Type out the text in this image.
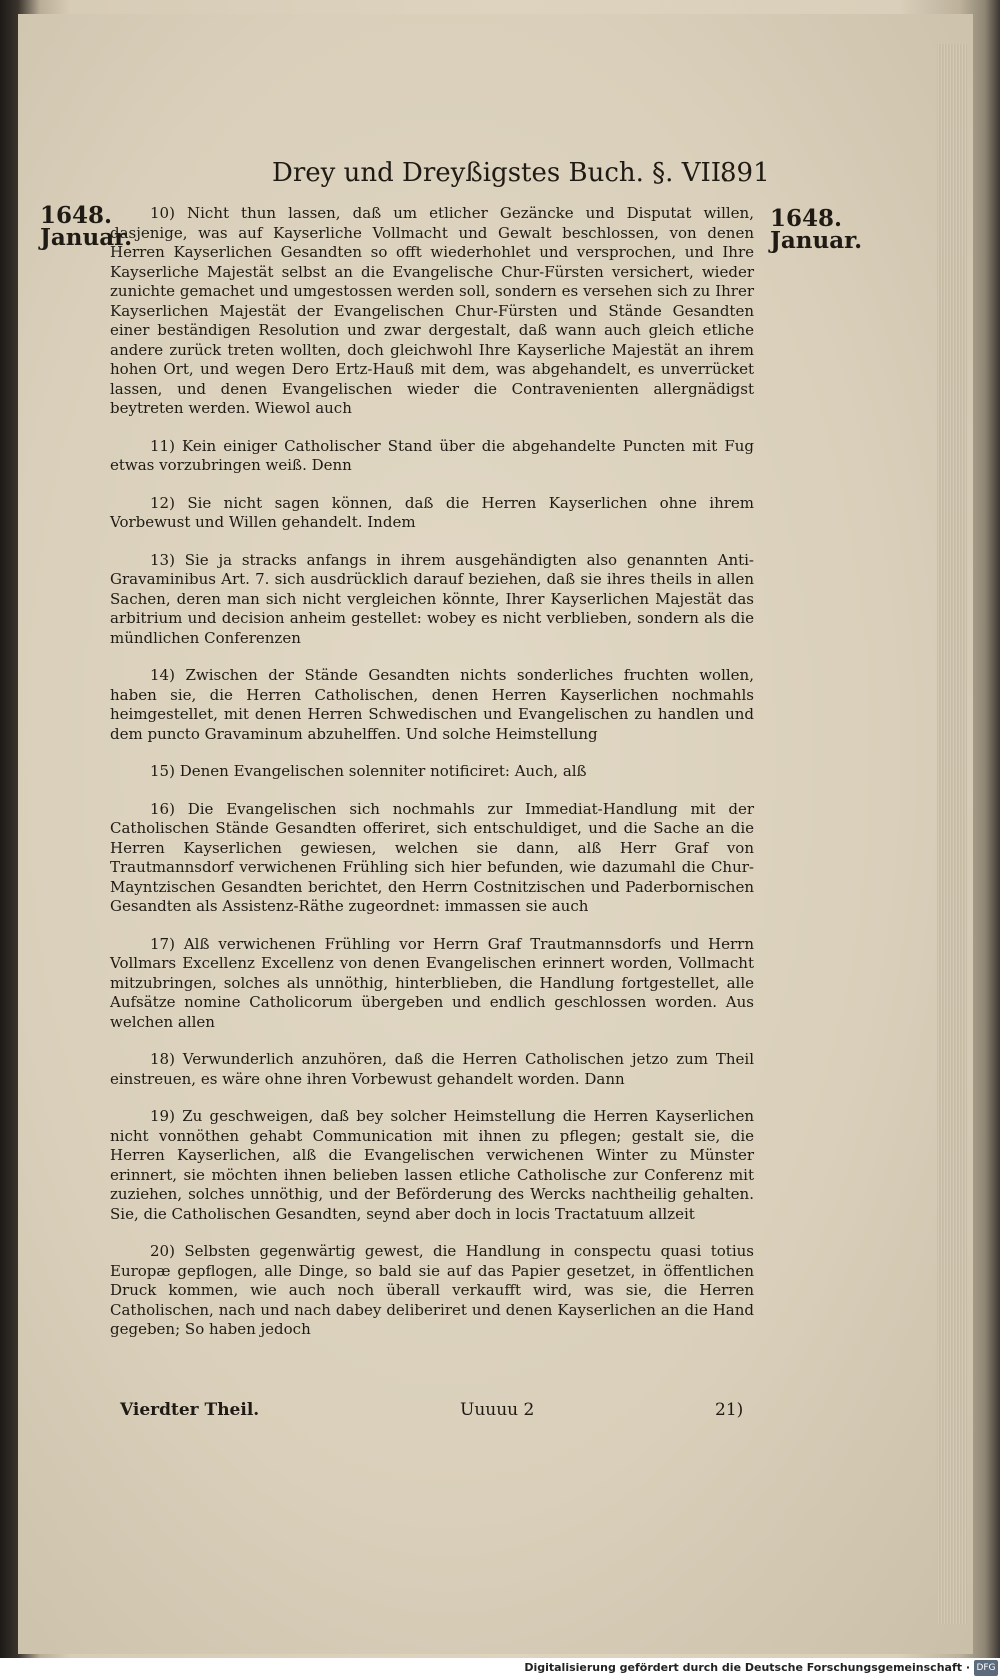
Drey und Dreyßigstes Buch. §. VII.
891
1648.
Januar.
1648.
Januar.

10) Nicht thun lassen, daß um etlicher Gezäncke und Disputat willen, dasjenige, was auf Kayserliche Vollmacht und Gewalt beschlossen, von denen Herren Kayserlichen Gesandten so offt wiederhohlet und versprochen, und Ihre Kayserliche Majestät selbst an die Evangelische Chur-Fürsten versichert, wieder zunichte gemachet und umgestossen werden soll, sondern es versehen sich zu Ihrer Kayserlichen Majestät der Evangelischen Chur-Fürsten und Stände Gesandten einer beständigen Resolution und zwar dergestalt, daß wann auch gleich etliche andere zurück treten wollten, doch gleichwohl Ihre Kayserliche Majestät an ihrem hohen Ort, und wegen Dero Ertz-Hauß mit dem, was abgehandelt, es unverrücket lassen, und denen Evangelischen wieder die Contravenienten allergnädigst beytreten werden. Wiewol auch

11) Kein einiger Catholischer Stand über die abgehandelte Puncten mit Fug etwas vorzubringen weiß. Denn

12) Sie nicht sagen können, daß die Herren Kayserlichen ohne ihrem Vorbewust und Willen gehandelt. Indem

13) Sie ja stracks anfangs in ihrem ausgehändigten also genannten Anti-Gravaminibus Art. 7. sich ausdrücklich darauf beziehen, daß sie ihres theils in allen Sachen, deren man sich nicht vergleichen könnte, Ihrer Kayserlichen Majestät das arbitrium und decision anheim gestellet: wobey es nicht verblieben, sondern als die mündlichen Conferenzen

14) Zwischen der Stände Gesandten nichts sonderliches fruchten wollen, haben sie, die Herren Catholischen, denen Herren Kayserlichen nochmahls heimgestellet, mit denen Herren Schwedischen und Evangelischen zu handlen und dem puncto Gravaminum abzuhelffen. Und solche Heimstellung

15) Denen Evangelischen solenniter notificiret: Auch, alß

16) Die Evangelischen sich nochmahls zur Immediat-Handlung mit der Catholischen Stände Gesandten offeriret, sich entschuldiget, und die Sache an die Herren Kayserlichen gewiesen, welchen sie dann, alß Herr Graf von Trautmannsdorf verwichenen Frühling sich hier befunden, wie dazumahl die Chur-Mayntzischen Gesandten berichtet, den Herrn Costnitzischen und Paderbornischen Gesandten als Assistenz-Räthe zugeordnet: immassen sie auch

17) Alß verwichenen Frühling vor Herrn Graf Trautmannsdorfs und Herrn Vollmars Excellenz Excellenz von denen Evangelischen erinnert worden, Vollmacht mitzubringen, solches als unnöthig, hinterblieben, die Handlung fortgestellet, alle Aufsätze nomine Catholicorum übergeben und endlich geschlossen worden. Aus welchen allen

18) Verwunderlich anzuhören, daß die Herren Catholischen jetzo zum Theil einstreuen, es wäre ohne ihren Vorbewust gehandelt worden. Dann

19) Zu geschweigen, daß bey solcher Heimstellung die Herren Kayserlichen nicht vonnöthen gehabt Communication mit ihnen zu pflegen; gestalt sie, die Herren Kayserlichen, alß die Evangelischen verwichenen Winter zu Münster erinnert, sie möchten ihnen belieben lassen etliche Catholische zur Conferenz mit zuziehen, solches unnöthig, und der Beförderung des Wercks nachtheilig gehalten. Sie, die Catholischen Gesandten, seynd aber doch in locis Tractatuum allzeit

20) Selbsten gegenwärtig gewest, die Handlung in conspectu quasi totius Europæ gepflogen, alle Dinge, so bald sie auf das Papier gesetzet, in öffentlichen Druck kommen, wie auch noch überall verkaufft wird, was sie, die Herren Catholischen, nach und nach dabey deliberiret und denen Kayserlichen an die Hand gegeben; So haben jedoch

Vierdter Theil.	Uuuuu 2	21)
Digitalisierung gefördert durch die Deutsche Forschungsgemeinschaft · DFG
